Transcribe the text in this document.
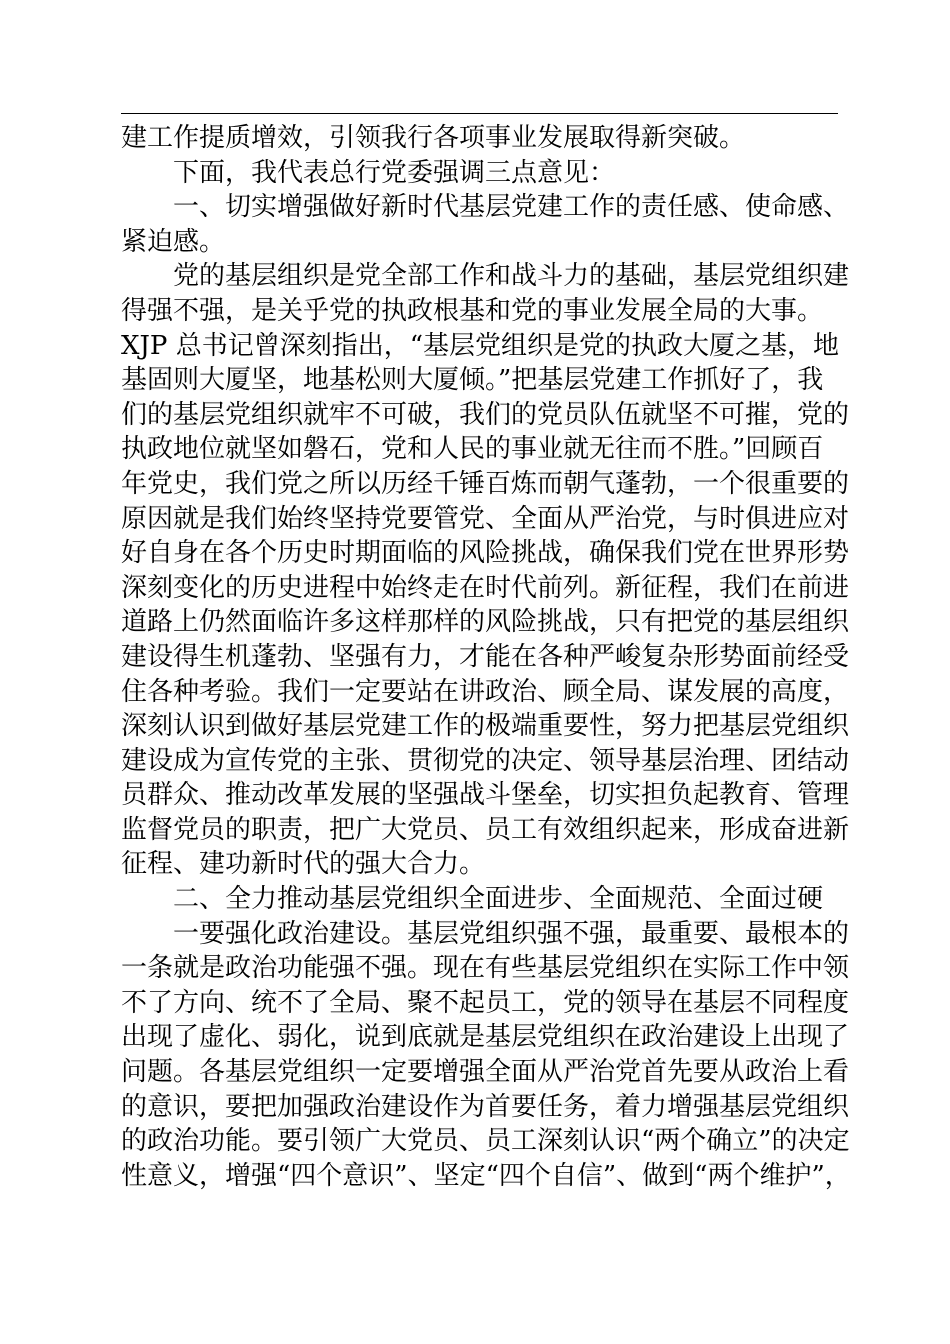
建工作提质增效，引领我行各项事业发展取得新突破。
下面，我代表总行党委强调三点意见：
一、切实增强做好新时代基层党建工作的责任感、使命感、
紧迫感。
党的基层组织是党全部工作和战斗力的基础，基层党组织建
得强不强，是关乎党的执政根基和党的事业发展全局的大事。
XJP 总书记曾深刻指出，“基层党组织是党的执政大厦之基，地
基固则大厦坚，地基松则大厦倾。”把基层党建工作抓好了，我
们的基层党组织就牢不可破，我们的党员队伍就坚不可摧，党的
执政地位就坚如磐石，党和人民的事业就无往而不胜。”回顾百
年党史，我们党之所以历经千锤百炼而朝气蓬勃，一个很重要的
原因就是我们始终坚持党要管党、全面从严治党，与时俱进应对
好自身在各个历史时期面临的风险挑战，确保我们党在世界形势
深刻变化的历史进程中始终走在时代前列。新征程，我们在前进
道路上仍然面临许多这样那样的风险挑战，只有把党的基层组织
建设得生机蓬勃、坚强有力，才能在各种严峻复杂形势面前经受
住各种考验。我们一定要站在讲政治、顾全局、谋发展的高度，
深刻认识到做好基层党建工作的极端重要性，努力把基层党组织
建设成为宣传党的主张、贯彻党的决定、领导基层治理、团结动
员群众、推动改革发展的坚强战斗堡垒，切实担负起教育、管理
监督党员的职责，把广大党员、员工有效组织起来，形成奋进新
征程、建功新时代的强大合力。
二、全力推动基层党组织全面进步、全面规范、全面过硬
一要强化政治建设。基层党组织强不强，最重要、最根本的
一条就是政治功能强不强。现在有些基层党组织在实际工作中领
不了方向、统不了全局、聚不起员工，党的领导在基层不同程度
出现了虚化、弱化，说到底就是基层党组织在政治建设上出现了
问题。各基层党组织一定要增强全面从严治党首先要从政治上看
的意识，要把加强政治建设作为首要任务，着力增强基层党组织
的政治功能。要引领广大党员、员工深刻认识“两个确立”的决定
性意义，增强“四个意识”、坚定“四个自信”、做到“两个维护”，
